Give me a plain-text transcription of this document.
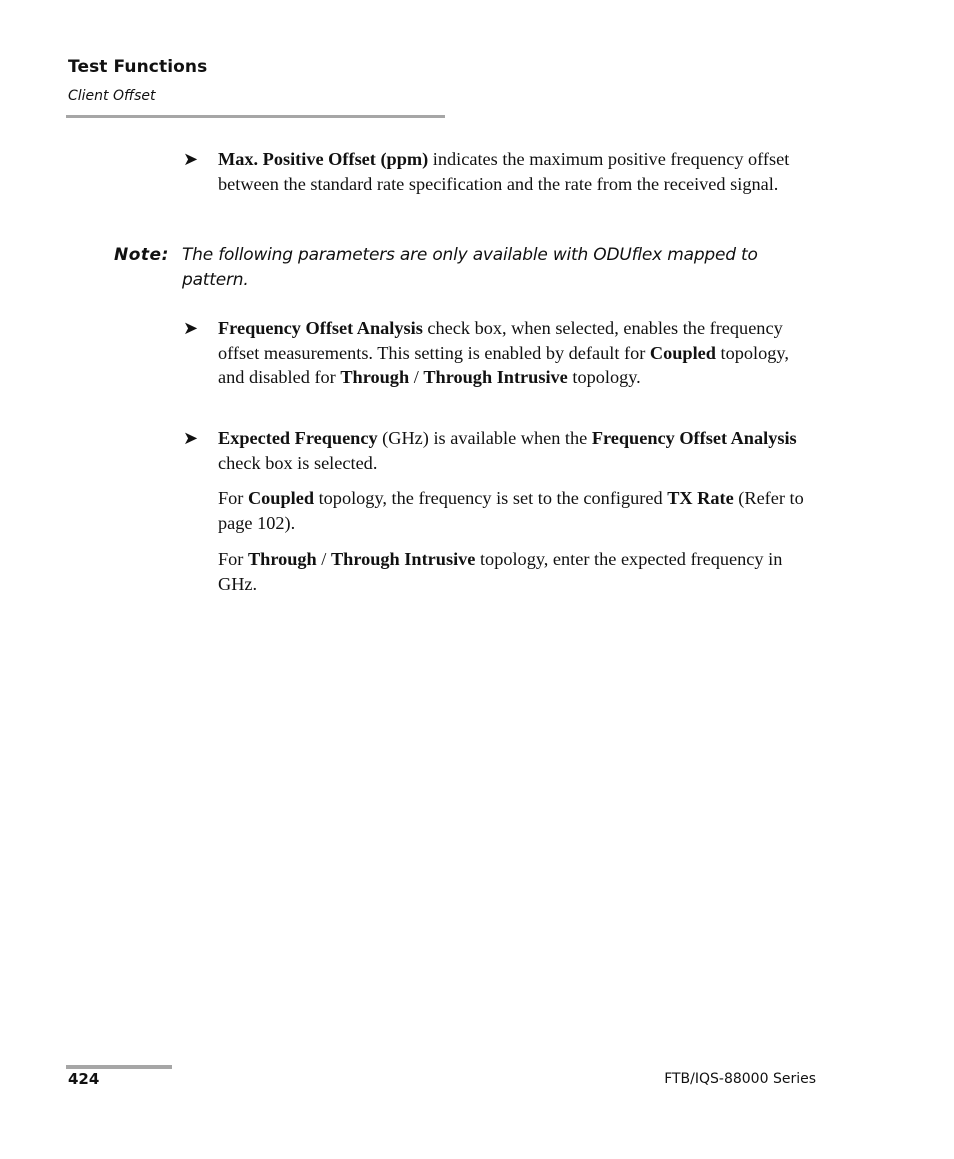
Test Functions
Client Offset
➤ Max. Positive Offset (ppm) indicates the maximum positive frequency offset between the standard rate specification and the rate from the received signal.
Note: The following parameters are only available with ODUflex mapped to pattern.
➤ Frequency Offset Analysis check box, when selected, enables the frequency offset measurements. This setting is enabled by default for Coupled topology, and disabled for Through / Through Intrusive topology.
➤ Expected Frequency (GHz) is available when the Frequency Offset Analysis check box is selected.
For Coupled topology, the frequency is set to the configured TX Rate (Refer to page 102).
For Through / Through Intrusive topology, enter the expected frequency in GHz.
424	FTB/IQS-88000 Series
